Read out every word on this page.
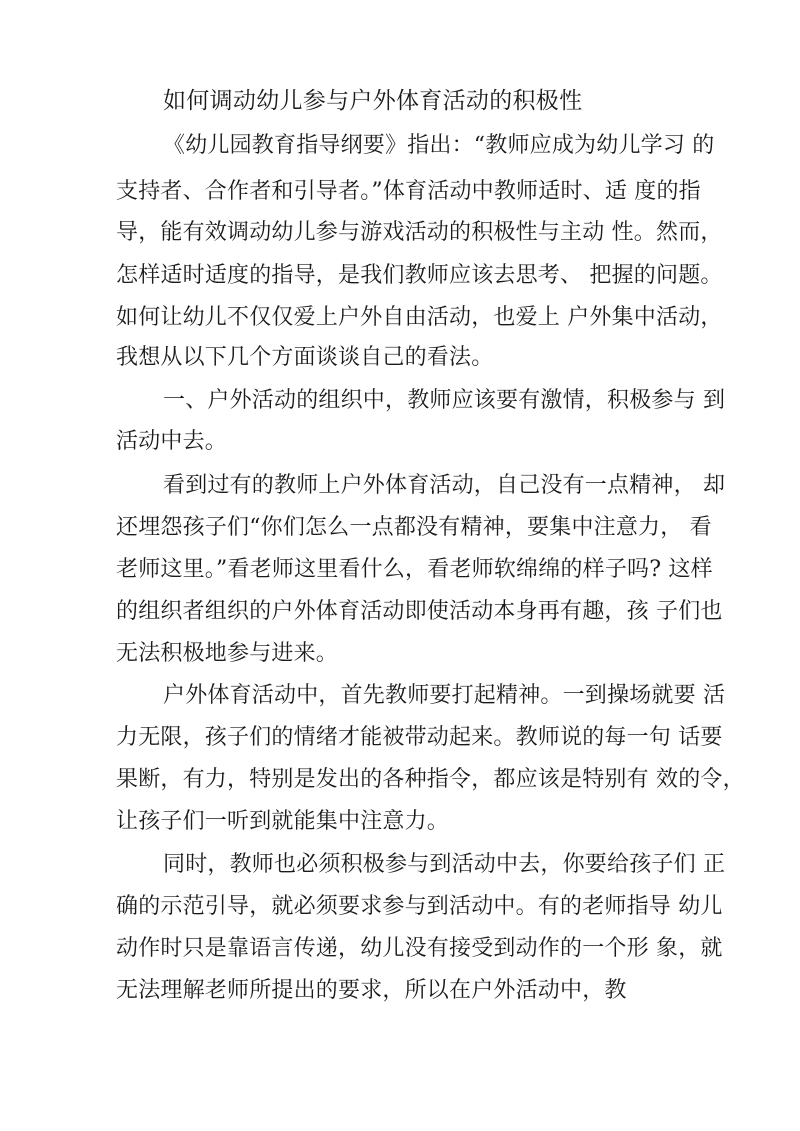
如何调动幼儿参与户外体育活动的积极性
《幼儿园教育指导纲要》指出：“教师应成为幼儿学习 的
支持者、合作者和引导者。”体育活动中教师适时、适 度的指
导，能有效调动幼儿参与游戏活动的积极性与主动 性。然而，
怎样适时适度的指导，是我们教师应该去思考、 把握的问题。
如何让幼儿不仅仅爱上户外自由活动，也爱上 户外集中活动，
我想从以下几个方面谈谈自己的看法。
一、户外活动的组织中，教师应该要有激情，积极参与 到
活动中去。
看到过有的教师上户外体育活动，自己没有一点精神， 却
还埋怨孩子们“你们怎么一点都没有精神，要集中注意力， 看
老师这里。”看老师这里看什么，看老师软绵绵的样子吗? 这样
的组织者组织的户外体育活动即使活动本身再有趣，孩 子们也
无法积极地参与进来。
户外体育活动中，首先教师要打起精神。一到操场就要 活
力无限，孩子们的情绪才能被带动起来。教师说的每一句 话要
果断，有力，特别是发出的各种指令，都应该是特别有 效的令，
让孩子们一听到就能集中注意力。
同时，教师也必须积极参与到活动中去，你要给孩子们 正
确的示范引导，就必须要求参与到活动中。有的老师指导 幼儿
动作时只是靠语言传递，幼儿没有接受到动作的一个形 象，就
无法理解老师所提出的要求，所以在户外活动中，教
